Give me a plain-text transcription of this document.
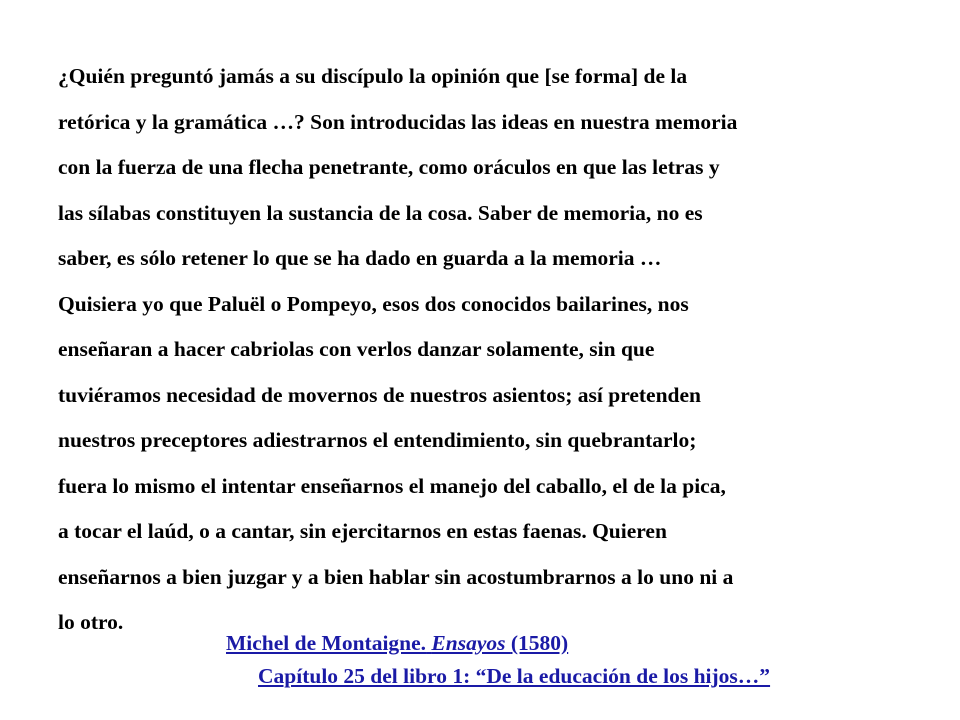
¿Quién preguntó jamás a su discípulo la opinión que [se forma] de la
retórica y la gramática …? Son introducidas las ideas en nuestra memoria
con la fuerza de una flecha penetrante, como oráculos en que las letras y
las sílabas constituyen la sustancia de la cosa. Saber de memoria, no es
saber, es sólo retener lo que se ha dado en guarda a la memoria …
Quisiera yo que Paluël o Pompeyo, esos dos conocidos bailarines, nos
enseñaran a hacer cabriolas con verlos danzar solamente, sin que
tuviéramos necesidad de movernos de nuestros asientos; así pretenden
nuestros preceptores adiestrarnos el entendimiento, sin quebrantarlo;
fuera lo mismo el intentar enseñarnos el manejo del caballo, el de la pica,
a tocar el laúd, o a cantar, sin ejercitarnos en estas faenas. Quieren
enseñarnos a bien juzgar y a bien hablar sin acostumbrarnos a lo uno ni a
lo otro.
Michel de Montaigne. Ensayos (1580)
Capítulo 25 del libro 1: “De la educación de los hijos…”
